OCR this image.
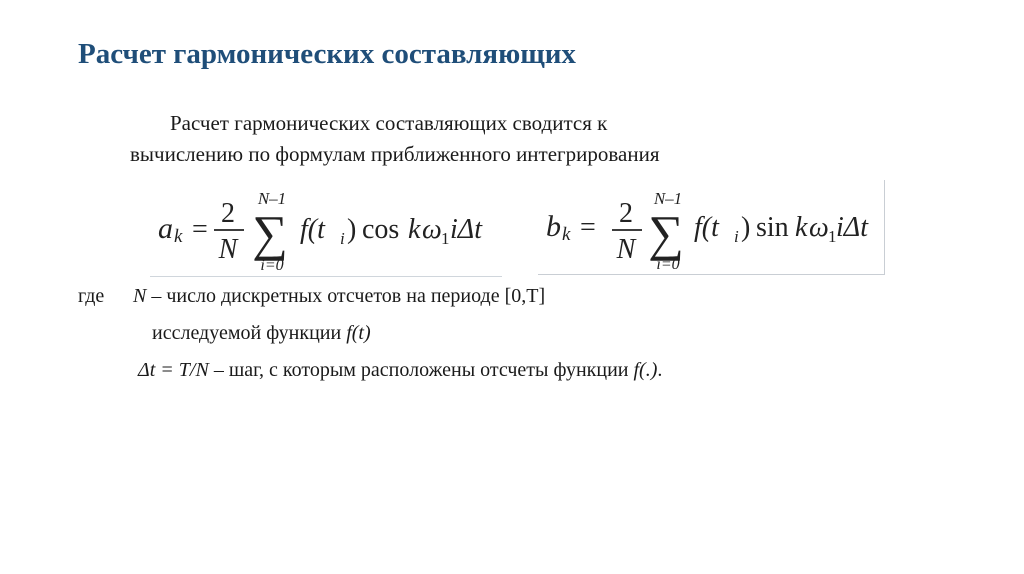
Расчет гармонических составляющих
Расчет гармонических составляющих сводится к
вычислению по формулам приближенного интегрирования
a k =
2
N
N–1
∑
i=0
f(t i ) cos k ω 1 iΔt b k = 2
N
N–1
∑
i=0
f(t i ) sin k ω 1 iΔt
где N – число дискретных отсчетов на периоде [0,T]
исследуемой функции f(t)
Δt = T/N – шаг, с которым расположены отсчеты функции f(.).
